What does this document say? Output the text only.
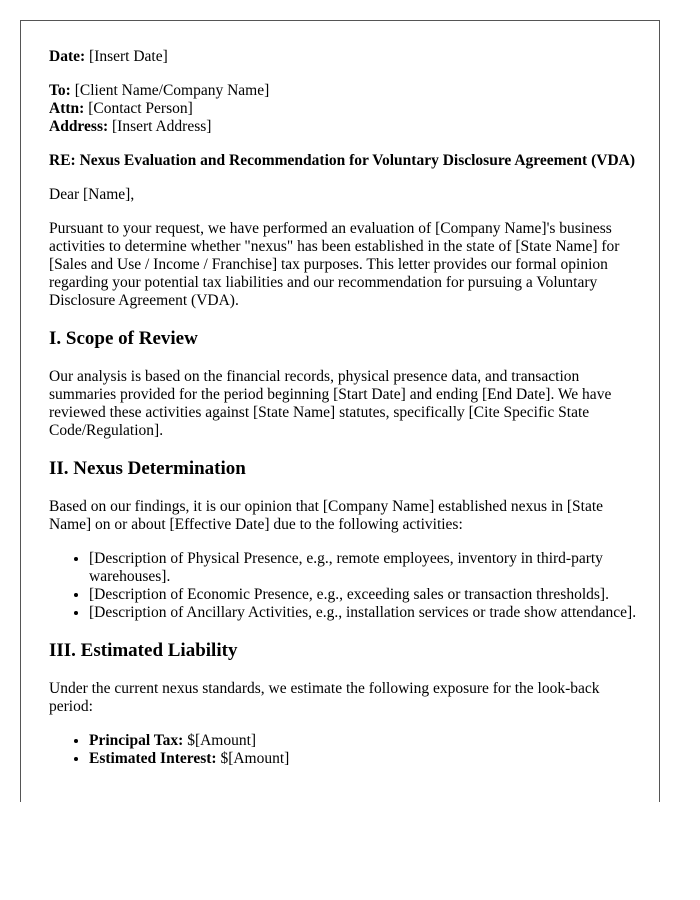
Date: [Insert Date]

To: [Client Name/Company Name]

Attn: [Contact Person]

Address: [Insert Address]

RE: Nexus Evaluation and Recommendation for Voluntary Disclosure Agreement (VDA)

Dear [Name],

Pursuant to your request, we have performed an evaluation of [Company Name]'s business activities to determine whether "nexus" has been established in the state of [State Name] for [Sales and Use / Income / Franchise] tax purposes. This letter provides our formal opinion regarding your potential tax liabilities and our recommendation for pursuing a Voluntary Disclosure Agreement (VDA).

I. Scope of Review

Our analysis is based on the financial records, physical presence data, and transaction summaries provided for the period beginning [Start Date] and ending [End Date]. We have reviewed these activities against [State Name] statutes, specifically [Cite Specific State Code/Regulation].

II. Nexus Determination

Based on our findings, it is our opinion that [Company Name] established nexus in [State Name] on or about [Effective Date] due to the following activities:

• [Description of Physical Presence, e.g., remote employees, inventory in third-party warehouses].
• [Description of Economic Presence, e.g., exceeding sales or transaction thresholds].
• [Description of Ancillary Activities, e.g., installation services or trade show attendance].
III. Estimated Liability

Under the current nexus standards, we estimate the following exposure for the look-back period:

• Principal Tax: $[Amount]
• Estimated Interest: $[Amount]
